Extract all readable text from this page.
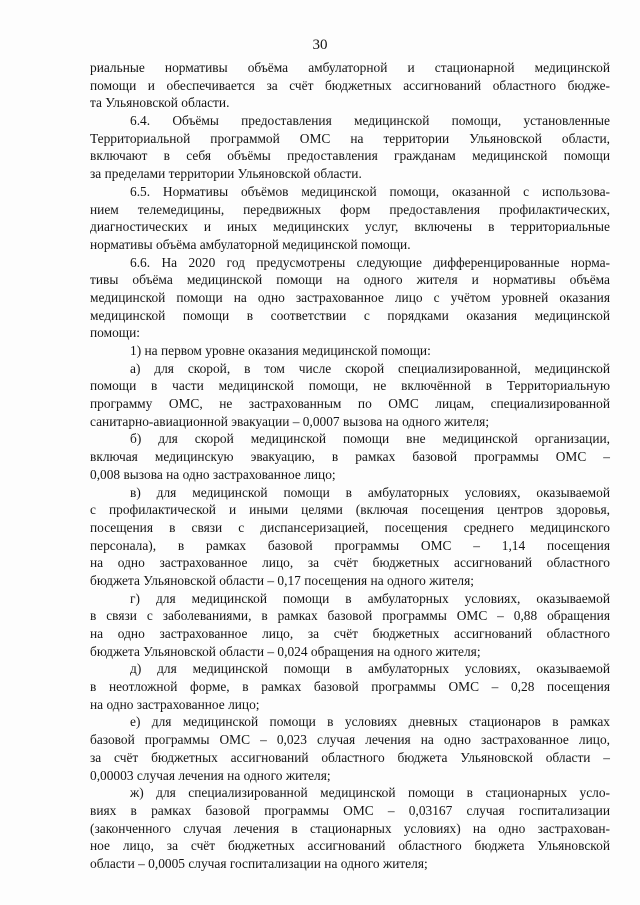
30
риальные нормативы объёма амбулаторной и стационарной медицинской
помощи и обеспечивается за счёт бюджетных ассигнований областного бюдже-
та Ульяновской области.
6.4. Объёмы предоставления медицинской помощи, установленные
Территориальной программой ОМС на территории Ульяновской области,
включают в себя объёмы предоставления гражданам медицинской помощи
за пределами территории Ульяновской области.
6.5. Нормативы объёмов медицинской помощи, оказанной с использова-
нием телемедицины, передвижных форм предоставления профилактических,
диагностических и иных медицинских услуг, включены в территориальные
нормативы объёма амбулаторной медицинской помощи.
6.6. На 2020 год предусмотрены следующие дифференцированные норма-
тивы объёма медицинской помощи на одного жителя и нормативы объёма
медицинской помощи на одно застрахованное лицо с учётом уровней оказания
медицинской помощи в соответствии с порядками оказания медицинской
помощи:
1) на первом уровне оказания медицинской помощи:
а) для скорой, в том числе скорой специализированной, медицинской
помощи в части медицинской помощи, не включённой в Территориальную
программу ОМС, не застрахованным по ОМС лицам, специализированной
санитарно-авиационной эвакуации – 0,0007 вызова на одного жителя;
б) для скорой медицинской помощи вне медицинской организации,
включая медицинскую эвакуацию, в рамках базовой программы ОМС –
0,008 вызова на одно застрахованное лицо;
в) для медицинской помощи в амбулаторных условиях, оказываемой
с профилактической и иными целями (включая посещения центров здоровья,
посещения в связи с диспансеризацией, посещения среднего медицинского
персонала), в рамках базовой программы ОМС – 1,14 посещения
на одно застрахованное лицо, за счёт бюджетных ассигнований областного
бюджета Ульяновской области – 0,17 посещения на одного жителя;
г) для медицинской помощи в амбулаторных условиях, оказываемой
в связи с заболеваниями, в рамках базовой программы ОМС – 0,88 обращения
на одно застрахованное лицо, за счёт бюджетных ассигнований областного
бюджета Ульяновской области – 0,024 обращения на одного жителя;
д) для медицинской помощи в амбулаторных условиях, оказываемой
в неотложной форме, в рамках базовой программы ОМС – 0,28 посещения
на одно застрахованное лицо;
е) для медицинской помощи в условиях дневных стационаров в рамках
базовой программы ОМС – 0,023 случая лечения на одно застрахованное лицо,
за счёт бюджетных ассигнований областного бюджета Ульяновской области –
0,00003 случая лечения на одного жителя;
ж) для специализированной медицинской помощи в стационарных усло-
виях в рамках базовой программы ОМС – 0,03167 случая госпитализации
(законченного случая лечения в стационарных условиях) на одно застрахован-
ное лицо, за счёт бюджетных ассигнований областного бюджета Ульяновской
области – 0,0005 случая госпитализации на одного жителя;
